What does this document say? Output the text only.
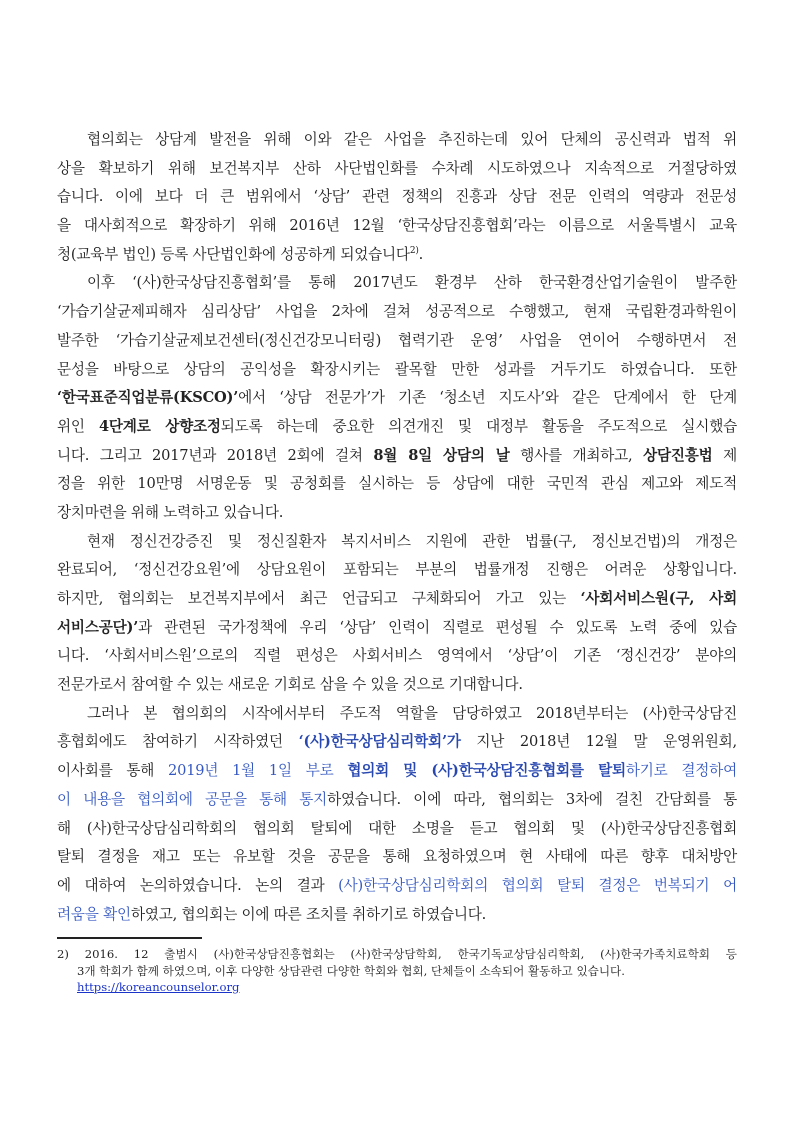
협의회는 상담계 발전을 위해 이와 같은 사업을 추진하는데 있어 단체의 공신력과 법적 위
상을 확보하기 위해 보건복지부 산하 사단법인화를 수차례 시도하였으나 지속적으로 거절당하였
습니다. 이에 보다 더 큰 범위에서 ‘상담’ 관련 정책의 진흥과 상담 전문 인력의 역량과 전문성
을 대사회적으로 확장하기 위해 2016년 12월 ‘한국상담진흥협회’라는 이름으로 서울특별시 교육
청(교육부 법인) 등록 사단법인화에 성공하게 되었습니다$^{2)}$.
이후 ‘(사)한국상담진흥협회’를 통해 2017년도 환경부 산하 한국환경산업기술원이 발주한
‘가습기살균제피해자 심리상담’ 사업을 2차에 걸쳐 성공적으로 수행했고, 현재 국립환경과학원이
발주한 ‘가습기살균제보건센터(정신건강모니터링) 협력기관 운영’ 사업을 연이어 수행하면서 전
문성을 바탕으로 상담의 공익성을 확장시키는 괄목할 만한 성과를 거두기도 하였습니다. 또한
‘한국표준직업분류(KSCO)’에서 ‘상담 전문가’가 기존 ‘청소년 지도사’와 같은 단계에서 한 단계
위인 4단계로 상향조정되도록 하는데 중요한 의견개진 및 대정부 활동을 주도적으로 실시했습
니다. 그리고 2017년과 2018년 2회에 걸쳐 8월 8일 상담의 날 행사를 개최하고, 상담진흥법 제
정을 위한 10만명 서명운동 및 공청회를 실시하는 등 상담에 대한 국민적 관심 제고와 제도적
장치마련을 위해 노력하고 있습니다.
현재 정신건강증진 및 정신질환자 복지서비스 지원에 관한 법률(구, 정신보건법)의 개정은
완료되어, ‘정신건강요원’에 상담요원이 포함되는 부분의 법률개정 진행은 어려운 상황입니다.
하지만, 협의회는 보건복지부에서 최근 언급되고 구체화되어 가고 있는 ‘사회서비스원(구, 사회
서비스공단)’과 관련된 국가정책에 우리 ‘상담’ 인력이 직렬로 편성될 수 있도록 노력 중에 있습
니다. ‘사회서비스원’으로의 직렬 편성은 사회서비스 영역에서 ‘상담’이 기존 ‘정신건강’ 분야의
전문가로서 참여할 수 있는 새로운 기회로 삼을 수 있을 것으로 기대합니다.
그러나 본 협의회의 시작에서부터 주도적 역할을 담당하였고 2018년부터는 (사)한국상담진
흥협회에도 참여하기 시작하였던 ‘(사)한국상담심리학회’가 지난 2018년 12월 말 운영위원회,
이사회를 통해 2019년 1월 1일 부로 협의회 및 (사)한국상담진흥협회를 탈퇴하기로 결정하여
이 내용을 협의회에 공문을 통해 통지하였습니다. 이에 따라, 협의회는 3차에 걸친 간담회를 통
해 (사)한국상담심리학회의 협의회 탈퇴에 대한 소명을 듣고 협의회 및 (사)한국상담진흥협회
탈퇴 결정을 재고 또는 유보할 것을 공문을 통해 요청하였으며 현 사태에 따른 향후 대처방안
에 대하여 논의하였습니다. 논의 결과 (사)한국상담심리학회의 협의회 탈퇴 결정은 번복되기 어
려움을 확인하였고, 협의회는 이에 따른 조치를 취하기로 하였습니다.
2) 2016. 12 출범시 (사)한국상담진흥협회는 (사)한국상담학회, 한국기독교상담심리학회, (사)한국가족치료학회 등
3개 학회가 함께 하였으며, 이후 다양한 상담관련 다양한 학회와 협회, 단체들이 소속되어 활동하고 있습니다.
https://koreancounselor.org
